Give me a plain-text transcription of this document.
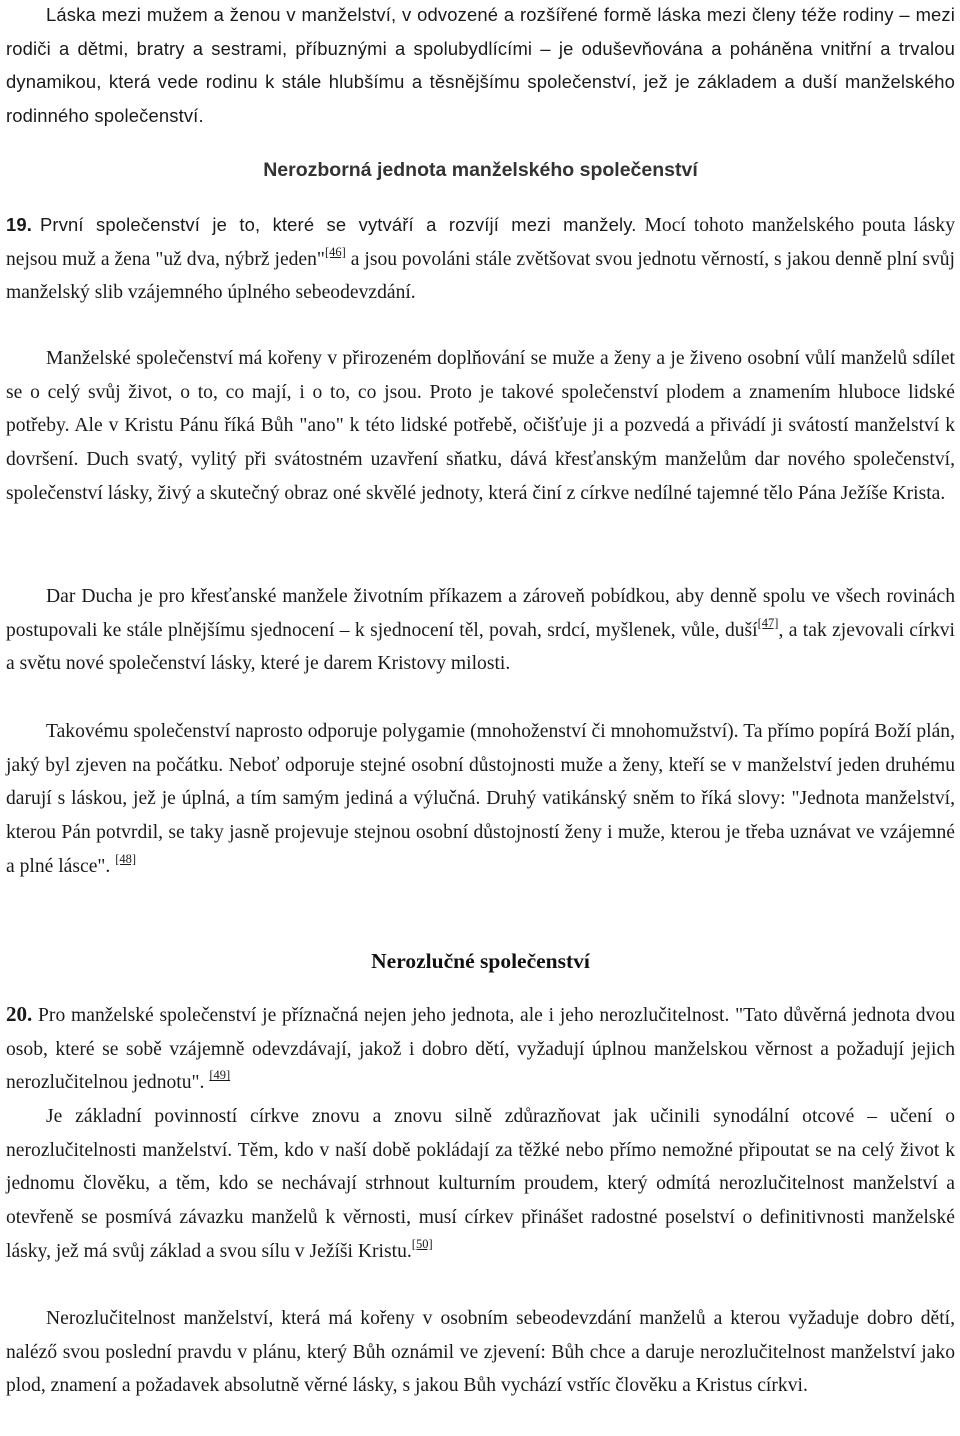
Láska mezi mužem a ženou v manželství, v odvozené a rozšířené formě láska mezi členy téže rodiny – mezi rodiči a dětmi, bratry a sestrami, příbuznými a spolubydlícími – je oduševňována a poháněna vnitřní a trvalou dynamikou, která vede rodinu k stále hlubšímu a těsnějšímu společenství, jež je základem a duší manželského rodinného společenství.
Nerozborná jednota manželského společenství
19. První společenství je to, které se vytváří a rozvíjí mezi manžely. Mocí tohoto manželského pouta lásky nejsou muž a žena "už dva, nýbrž jeden"[46] a jsou povoláni stále zvětšovat svou jednotu věrností, s jakou denně plní svůj manželský slib vzájemného úplného sebeodevzdání.
Manželské společenství má kořeny v přirozeném doplňování se muže a ženy a je živeno osobní vůlí manželů sdílet se o celý svůj život, o to, co mají, i o to, co jsou. Proto je takové společenství plodem a znamením hluboce lidské potřeby. Ale v Kristu Pánu říká Bůh "ano" k této lidské potřebě, očišťuje ji a pozvedá a přivádí ji svátostí manželství k dovršení. Duch svatý, vylitý při svátostném uzavření sňatku, dává křesťanským manželům dar nového společenství, společenství lásky, živý a skutečný obraz oné skvělé jednoty, která činí z církve nedílné tajemné tělo Pána Ježíše Krista.
Dar Ducha je pro křesťanské manžele životním příkazem a zároveň pobídkou, aby denně spolu ve všech rovinách postupovali ke stále plnějšímu sjednocení – k sjednocení těl, povah, srdcí, myšlenek, vůle, duší[47], a tak zjevovali církvi a světu nové společenství lásky, které je darem Kristovy milosti.
Takovému společenství naprosto odporuje polygamie (mnohoženství či mnohomužství). Ta přímo popírá Boží plán, jaký byl zjeven na počátku. Neboť odporuje stejné osobní důstojnosti muže a ženy, kteří se v manželství jeden druhému darují s láskou, jež je úplná, a tím samým jediná a výlučná. Druhý vatikánský sněm to říká slovy: "Jednota manželství, kterou Pán potvrdil, se taky jasně projevuje stejnou osobní důstojností ženy i muže, kterou je třeba uznávat ve vzájemné a plné lásce". [48]
Nerozlučné společenství
20. Pro manželské společenství je příznačná nejen jeho jednota, ale i jeho nerozlučitelnost. "Tato důvěrná jednota dvou osob, které se sobě vzájemně odevzdávají, jakož i dobro dětí, vyžadují úplnou manželskou věrnost a požadují jejich nerozlučitelnou jednotu". [49]
Je základní povinností církve znovu a znovu silně zdůrazňovat jak učinili synodální otcové – učení o nerozlučitelnosti manželství. Těm, kdo v naší době pokládají za těžké nebo přímo nemožné připoutat se na celý život k jednomu člověku, a těm, kdo se nechávají strhnout kulturním proudem, který odmítá nerozlučitelnost manželství a otevřeně se posmívá závazku manželů k věrnosti, musí církev přinášet radostné poselství o definitivnosti manželské lásky, jež má svůj základ a svou sílu v Ježíši Kristu.[50]
Nerozlučitelnost manželství, která má kořeny v osobním sebeodevzdání manželů a kterou vyžaduje dobro dětí, naléző svou poslední pravdu v plánu, který Bůh oznámil ve zjevení: Bůh chce a daruje nerozlučitelnost manželství jako plod, znamení a požadavek absolutně věrné lásky, s jakou Bůh vychází vstříc člověku a Kristus církvi.
